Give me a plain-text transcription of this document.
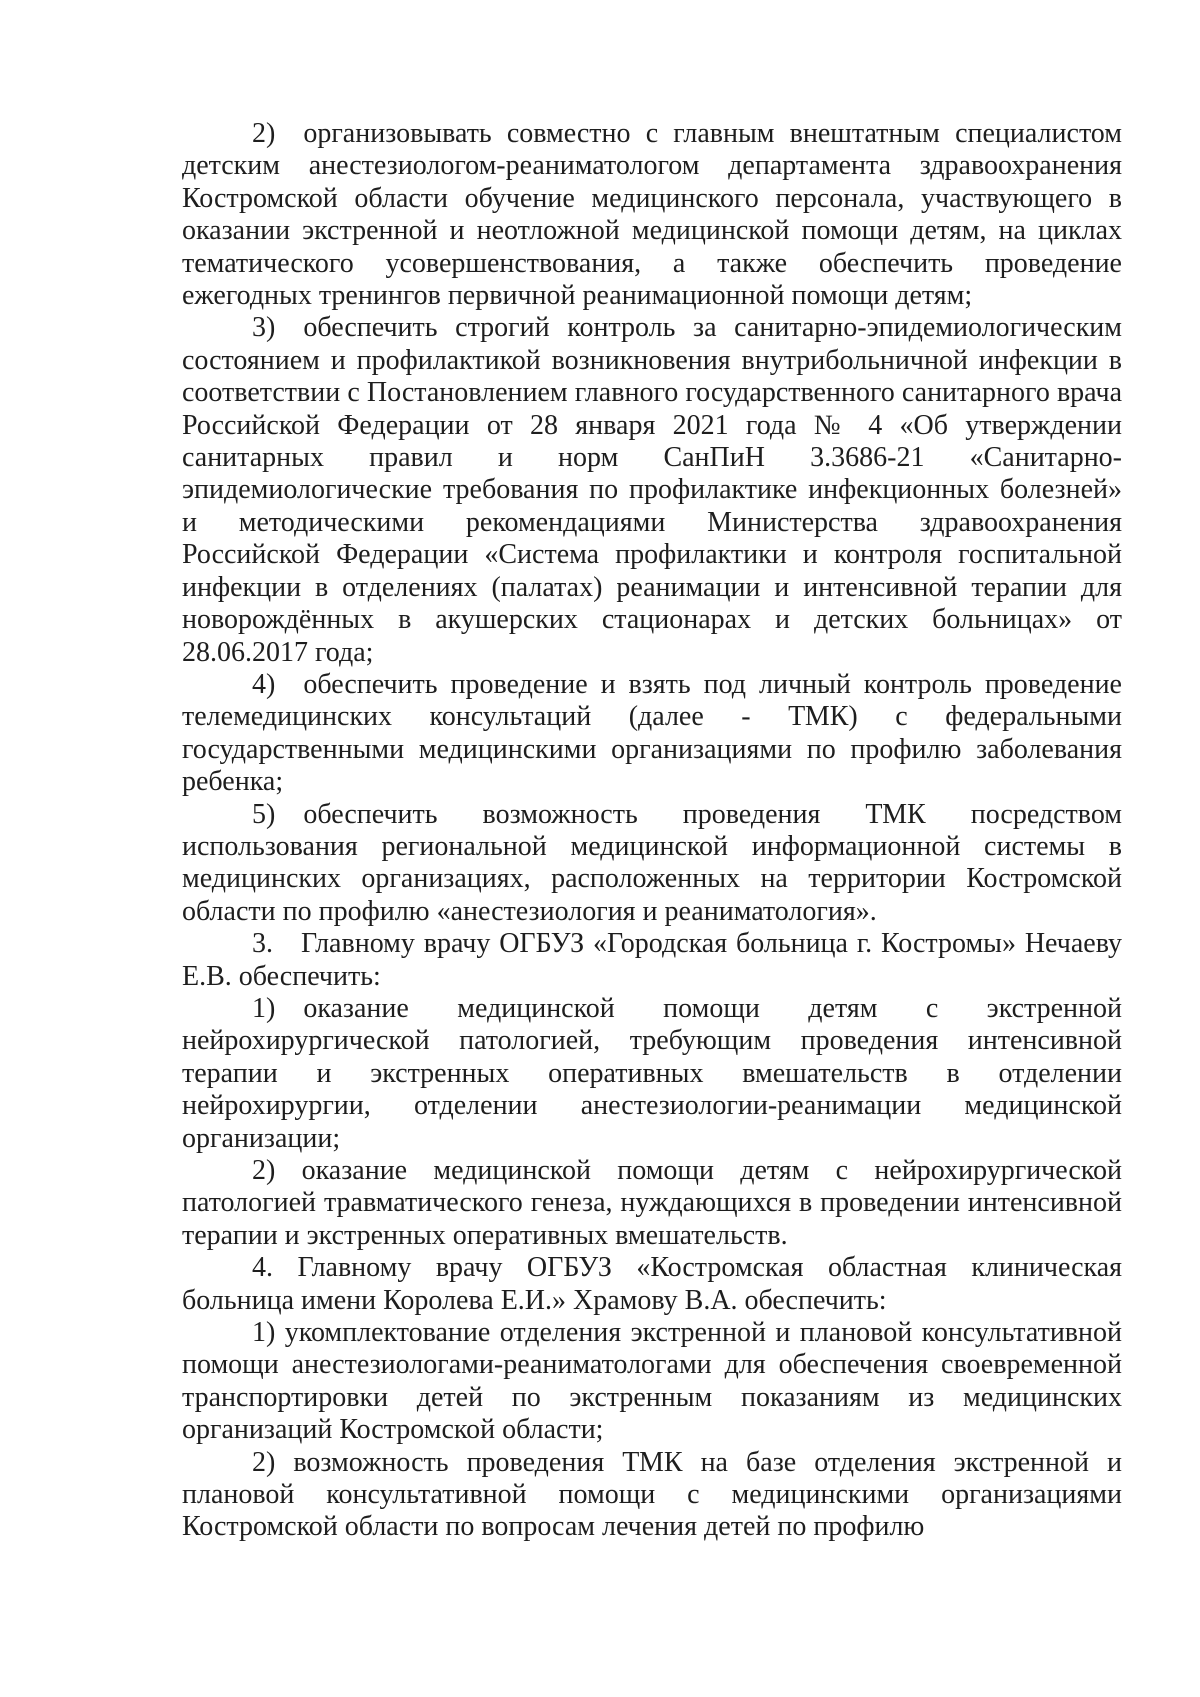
2) организовывать совместно с главным внештатным специалистом детским анестезиологом-реаниматологом департамента здравоохранения Костромской области обучение медицинского персонала, участвующего в оказании экстренной и неотложной медицинской помощи детям, на циклах тематического усовершенствования, а также обеспечить проведение ежегодных тренингов первичной реанимационной помощи детям;

3) обеспечить строгий контроль за санитарно-эпидемиологическим состоянием и профилактикой возникновения внутрибольничной инфекции в соответствии с Постановлением главного государственного санитарного врача Российской Федерации от 28 января 2021 года № 4 «Об утверждении санитарных правил и норм СанПиН 3.3686-21 «Санитарно-эпидемиологические требования по профилактике инфекционных болезней» и методическими рекомендациями Министерства здравоохранения Российской Федерации «Система профилактики и контроля госпитальной инфекции в отделениях (палатах) реанимации и интенсивной терапии для новорождённых в акушерских стационарах и детских больницах» от 28.06.2017 года;

4) обеспечить проведение и взять под личный контроль проведение телемедицинских консультаций (далее - ТМК) с федеральными государственными медицинскими организациями по профилю заболевания ребенка;

5) обеспечить возможность проведения ТМК посредством использования региональной медицинской информационной системы в медицинских организациях, расположенных на территории Костромской области по профилю «анестезиология и реаниматология».

3. Главному врачу ОГБУЗ «Городская больница г. Костромы» Нечаеву Е.В. обеспечить:

1) оказание медицинской помощи детям с экстренной нейрохирургической патологией, требующим проведения интенсивной терапии и экстренных оперативных вмешательств в отделении нейрохирургии, отделении анестезиологии-реанимации медицинской организации;

2) оказание медицинской помощи детям с нейрохирургической патологией травматического генеза, нуждающихся в проведении интенсивной терапии и экстренных оперативных вмешательств.

4. Главному врачу ОГБУЗ «Костромская областная клиническая больница имени Королева Е.И.» Храмову В.А. обеспечить:

1) укомплектование отделения экстренной и плановой консультативной помощи анестезиологами-реаниматологами для обеспечения своевременной транспортировки детей по экстренным показаниям из медицинских организаций Костромской области;

2) возможность проведения ТМК на базе отделения экстренной и плановой консультативной помощи с медицинскими организациями Костромской области по вопросам лечения детей по профилю
